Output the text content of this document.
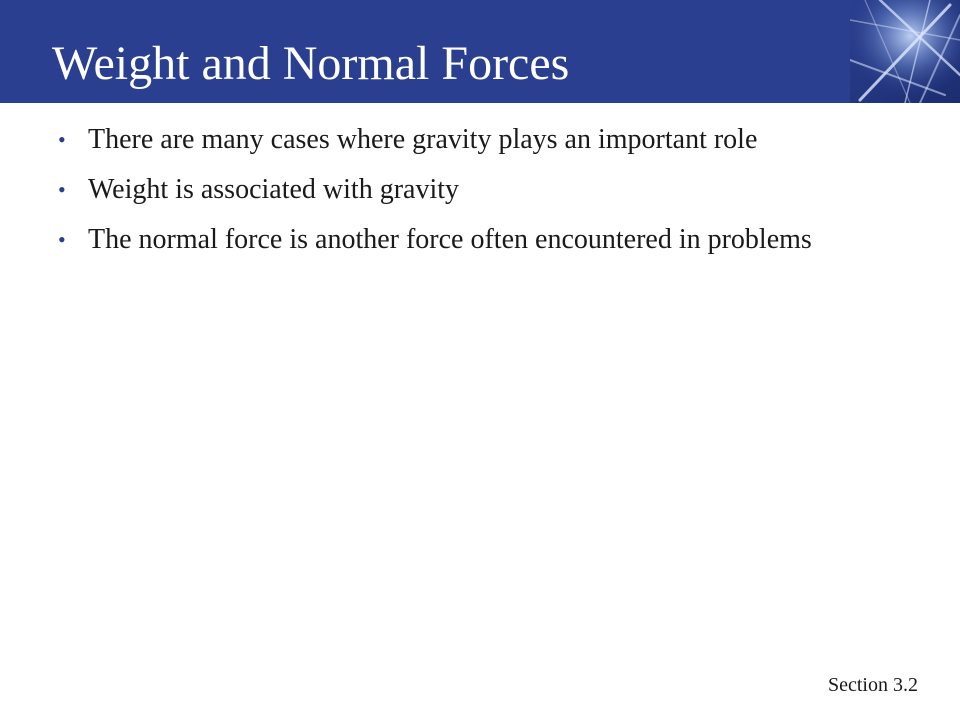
Weight and Normal Forces
• There are many cases where gravity plays an important role
• Weight is associated with gravity
• The normal force is another force often encountered in problems
Section 3.2
